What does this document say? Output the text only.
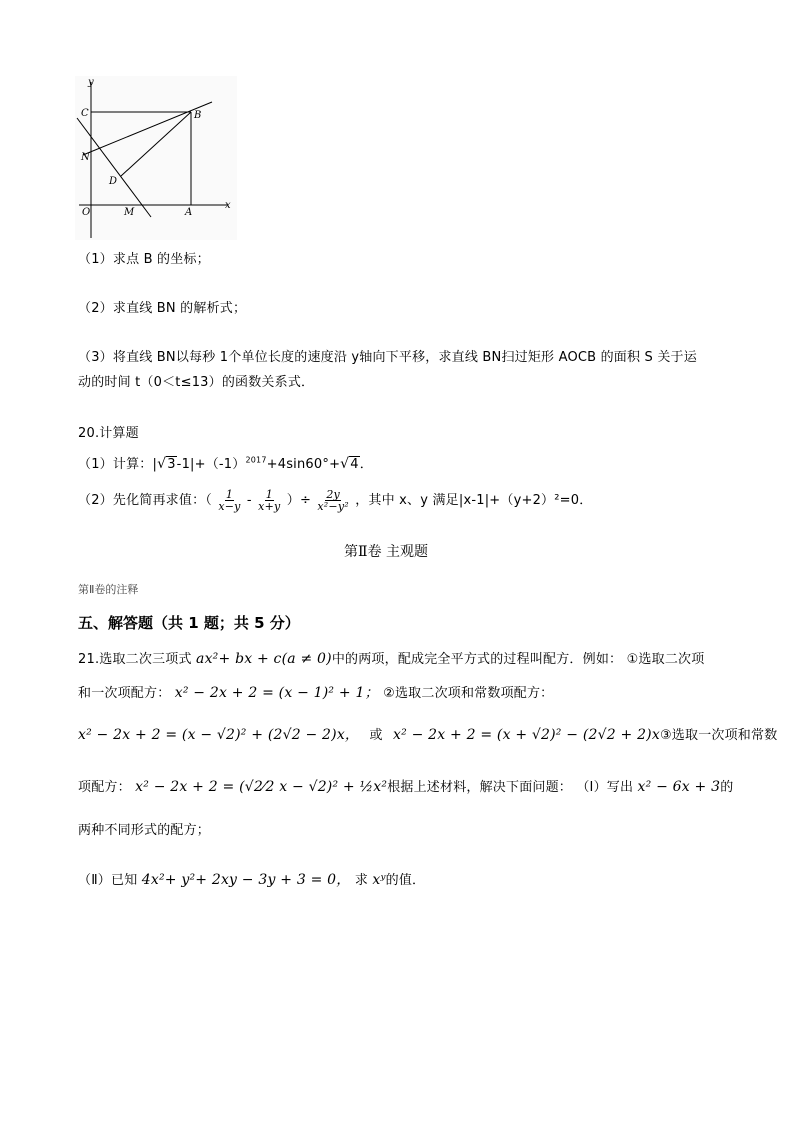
y
x
C	B
N
D
O	M	A
（1）求点 B 的坐标；
（2）求直线 BN 的解析式；
（3）将直线 BN以每秒 1个单位长度的速度沿 y轴向下平移，求直线 BN扫过矩形 AOCB 的面积 S 关于运
动的时间 t（0＜t≤13）的函数关系式．
20.计算题
（1）计算：$|√3-1|+(-1)^{2017}+4\sin 60^\circ+√4$．
（2）先化简再求值：（ $\frac{1}{x-y} - \frac{1}{x+y}$ ）÷ $\frac{2y}{\text{x²−y²}}$ ，其中 x、y 满足|x-1|+（y+2）²=0．
第Ⅱ卷 主观题
第Ⅱ卷的注释
五、解答题（共 1 题；共 5 分）
21.选取二次三项式 ax²+ bx + c(a ≠ 0)中的两项，配成完全平方式的过程叫配方．例如： ①选取二次项
和一次项配方： x² − 2x + 2 = (x − 1)² + 1； ②选取二次项和常数项配方：
x² − 2x + 2 = (x − √2)² + (2√2 − 2)x， 或 x² − 2x + 2 = (x + √2)² − (2√2 + 2)x③选取一次项和常数
项配方： x² − 2x + 2 = (√2⁄2 x − √2)² + ½x²根据上述材料，解决下面问题： （Ⅰ）写出 x² − 6x + 3的
两种不同形式的配方；
（Ⅱ）已知 4x²+ y²+ 2xy − 3y + 3 = 0， 求 xʸ的值．
